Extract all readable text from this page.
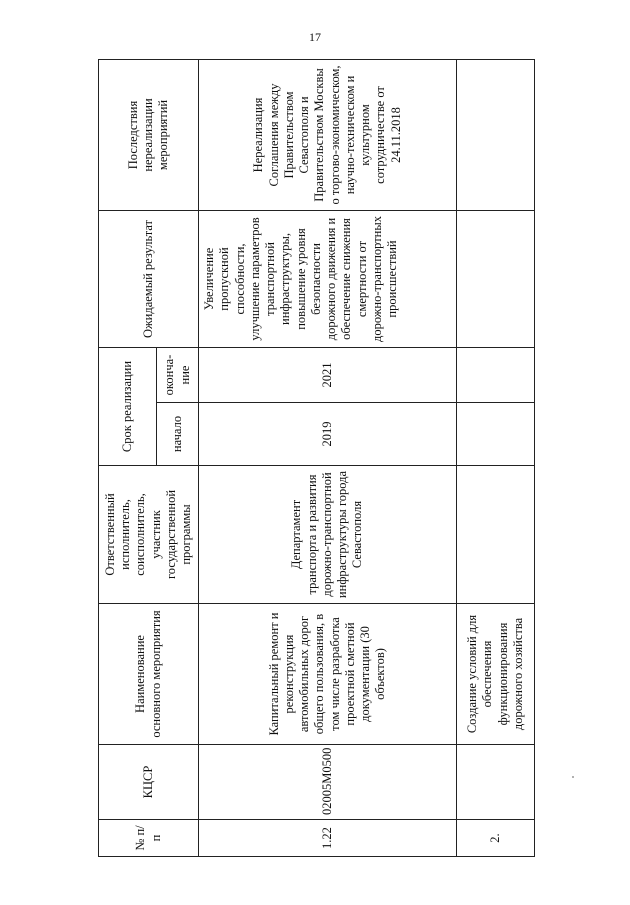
17
№ п/п	КЦСР	Наименование основного мероприятия	Ответственный исполнитель, соисполнитель, участник государственной программы	Срок реализации		Ожидаемый результат	Последствия нереализации мероприятий
				начало	оконча-ние		
1.22	02005М0500	Капитальный ремонт и реконструкция автомобильных дорог общего пользования, в том числе разработка проектной сметной документации (30 объектов)	Департамент транспорта и развития дорожно-транспортной инфраструктуры города Севастополя	2019	2021	Увеличение пропускной способности, улучшение параметров транспортной инфраструктуры, повышение уровня безопасности дорожного движения и обеспечение снижения смертности от дорожно-транспортных происшествий	Нереализация Соглашения между Правительством Севастополя и Правительством Москвы о торгово-экономическом, научно-техническом и культурном сотрудничестве от 24.11.2018
2.		Создание условий для обеспечения функционирования дорожного хозяйства					
